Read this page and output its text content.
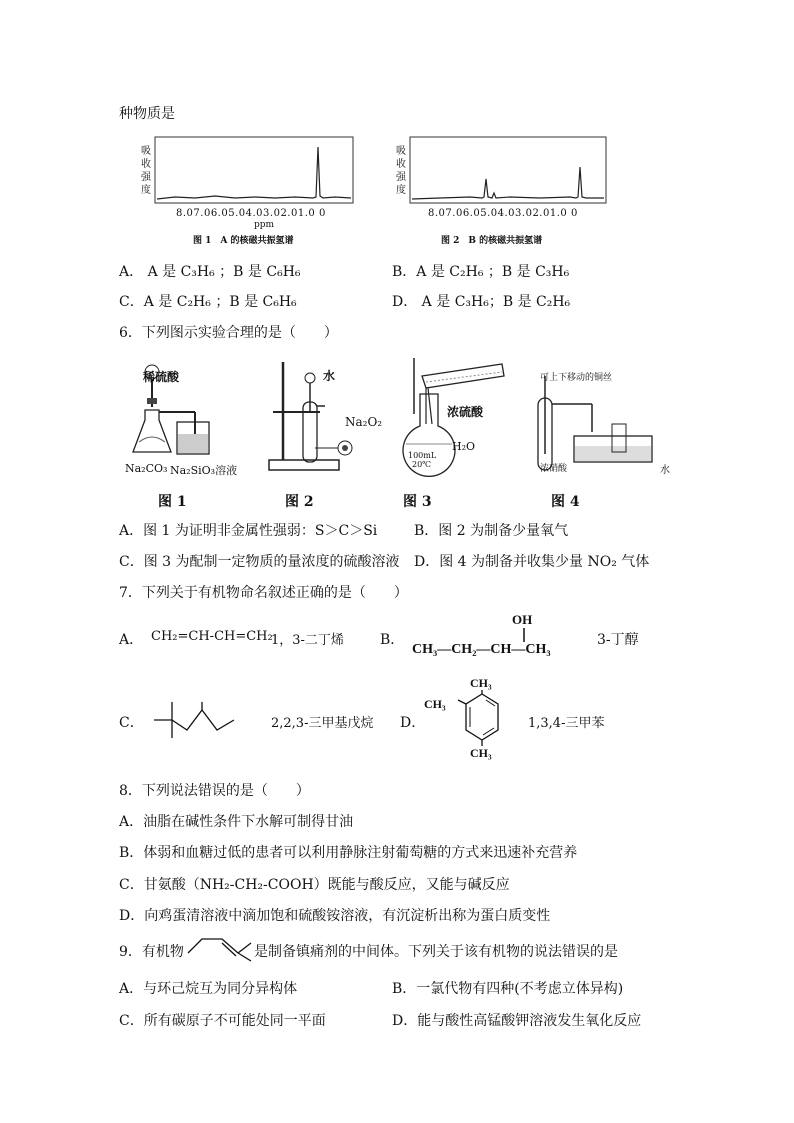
种物质是
吸
收
强
度
8.07.06.05.04.03.02.01.0 0
ppm
图 1　A 的核磁共振氢谱
吸
收
强
度
8.07.06.05.04.03.02.01.0 0
图 2　B 的核磁共振氢谱
A． A 是 C₃H₆ ；B 是 C₆H₆	B．A 是 C₂H₆ ；B 是 C₃H₆
C．A 是 C₂H₆ ；B 是 C₆H₆	D． A 是 C₃H₆；B 是 C₂H₆
6．下列图示实验合理的是（　　）
稀硫酸
Na₂CO₃ Na₂SiO₃溶液
图 1
水
Na₂O₂
图 2
浓硫酸
H₂O
100mL
20℃
图 3
可上下移动的铜丝
浓硝酸	水
图 4
A．图 1 为证明非金属性强弱：S＞C＞Si	B．图 2 为制备少量氧气
C．图 3 为配制一定物质的量浓度的硫酸溶液 D．图 4 为制备并收集少量 NO₂ 气体
7．下列关于有机物命名叙述正确的是（　　）
A． CH₂=CH-CH=CH₂
1，3-二丁烯	B．
OH
CH₃—CH₂—CH—CH₃
3-丁醇
C．	2,2,3-三甲基戊烷 D．
CH₃
CH₃
CH₃
1,3,4-三甲苯
8．下列说法错误的是（　　）
A．油脂在碱性条件下水解可制得甘油
B．体弱和血糖过低的患者可以利用静脉注射葡萄糖的方式来迅速补充营养
C．甘氨酸（NH₂-CH₂-COOH）既能与酸反应，又能与碱反应
D．向鸡蛋清溶液中滴加饱和硫酸铵溶液，有沉淀析出称为蛋白质变性
9．有机物	是制备镇痛剂的中间体。下列关于该有机物的说法错误的是
A．与环己烷互为同分异构体	B．一氯代物有四种(不考虑立体异构)
C．所有碳原子不可能处同一平面	D．能与酸性高锰酸钾溶液发生氧化反应
